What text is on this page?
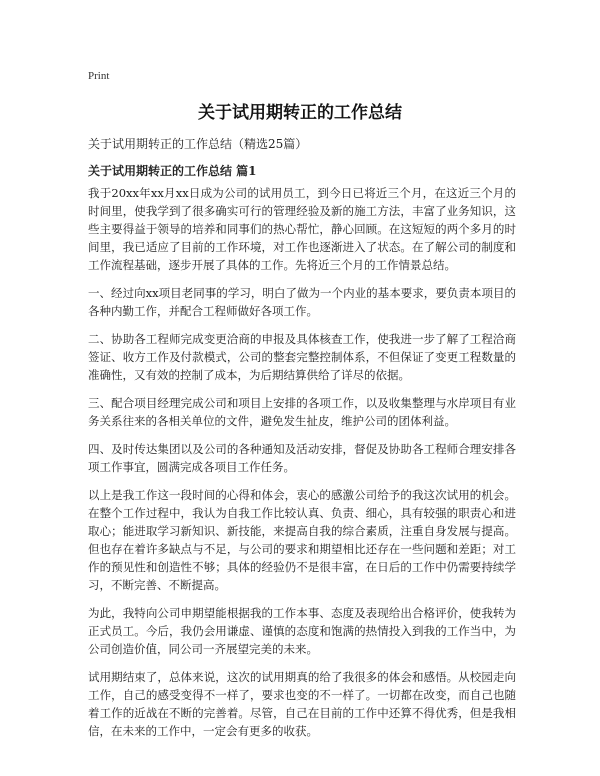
Print
关于试用期转正的工作总结

关于试用期转正的工作总结（精选25篇）

关于试用期转正的工作总结 篇1

我于20xx年xx月xx日成为公司的试用员工，到今日已将近三个月，在这近三个月的时间里，使我学到了很多确实可行的管理经验及新的施工方法，丰富了业务知识，这些主要得益于领导的培养和同事们的热心帮忙，静心回顾。在这短短的两个多月的时间里，我已适应了目前的工作环境，对工作也逐渐进入了状态。在了解公司的制度和工作流程基础，逐步开展了具体的工作。先将近三个月的工作情景总结。

一、经过向xx项目老同事的学习，明白了做为一个内业的基本要求，要负责本项目的各种内勤工作，并配合工程师做好各项工作。

二、协助各工程师完成变更洽商的申报及具体核查工作，使我进一步了解了工程洽商签证、收方工作及付款模式，公司的整套完整控制体系，不但保证了变更工程数量的准确性，又有效的控制了成本，为后期结算供给了详尽的依据。

三、配合项目经理完成公司和项目上安排的各项工作，以及收集整理与水岸项目有业务关系往来的各相关单位的文件，避免发生扯皮，维护公司的团体利益。

四、及时传达集团以及公司的各种通知及活动安排，督促及协助各工程师合理安排各项工作事宜，圆满完成各项目工作任务。

以上是我工作这一段时间的心得和体会，衷心的感激公司给予的我这次试用的机会。在整个工作过程中，我认为自我工作比较认真、负责、细心，具有较强的职责心和进取心；能进取学习新知识、新技能，来提高自我的综合素质，注重自身发展与提高。但也存在着许多缺点与不足，与公司的要求和期望相比还存在一些问题和差距；对工作的预见性和创造性不够；具体的经验仍不是很丰富，在日后的工作中仍需要持续学习，不断完善、不断提高。

为此，我特向公司申期望能根据我的工作本事、态度及表现给出合格评价，使我转为正式员工。今后，我仍会用谦虚、谨慎的态度和饱满的热情投入到我的工作当中，为公司创造价值，同公司一齐展望完美的未来。

试用期结束了，总体来说，这次的试用期真的给了我很多的体会和感悟。从校园走向工作，自己的感受变得不一样了，要求也变的不一样了。一切都在改变，而自己也随着工作的近战在不断的完善着。尽管，自己在目前的工作中还算不得优秀，但是我相信，在未来的工作中，一定会有更多的收获。
